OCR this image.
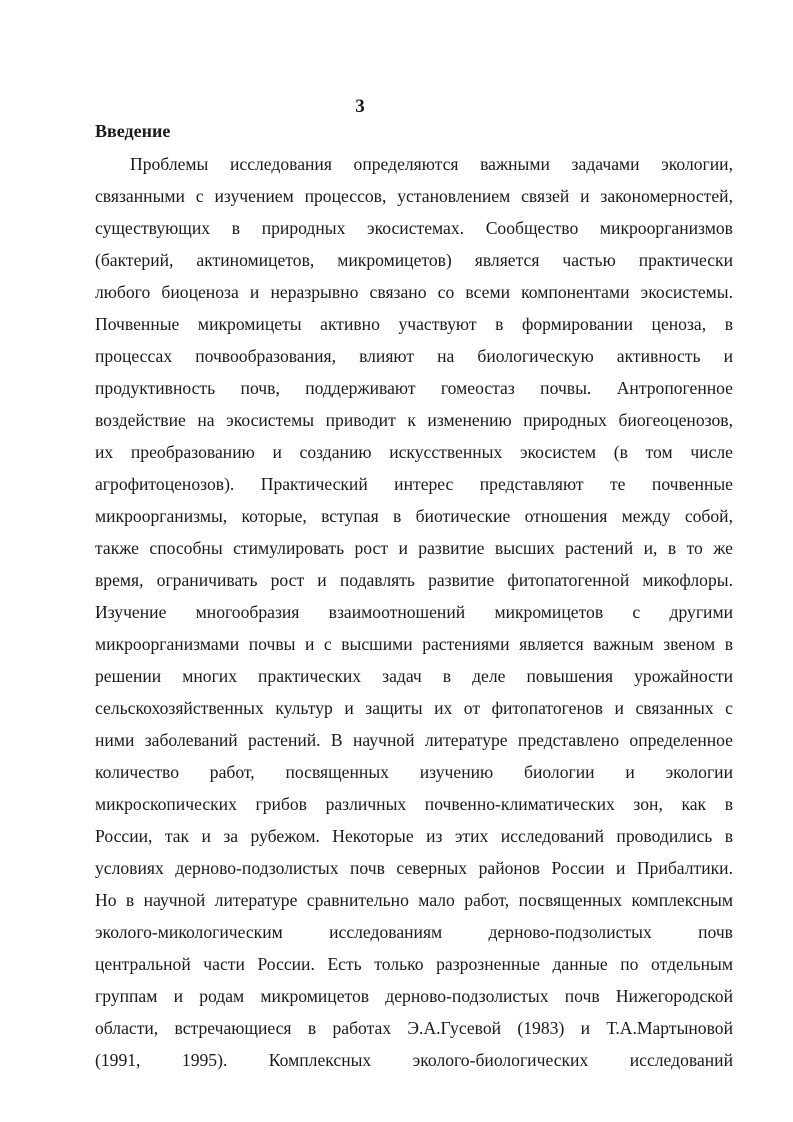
3
Введение
Проблемы исследования определяются важными задачами экологии,
связанными с изучением процессов, установлением связей и закономерностей,
существующих в природных экосистемах. Сообщество микроорганизмов
(бактерий, актиномицетов, микромицетов) является частью практически
любого биоценоза и неразрывно связано со всеми компонентами экосистемы.
Почвенные микромицеты активно участвуют в формировании ценоза, в
процессах почвообразования, влияют на биологическую активность и
продуктивность почв, поддерживают гомеостаз почвы. Антропогенное
воздействие на экосистемы приводит к изменению природных биогеоценозов,
их преобразованию и созданию искусственных экосистем (в том числе
агрофитоценозов). Практический интерес представляют те почвенные
микроорганизмы, которые, вступая в биотические отношения между собой,
также способны стимулировать рост и развитие высших растений и, в то же
время, ограничивать рост и подавлять развитие фитопатогенной микофлоры.
Изучение многообразия взаимоотношений микромицетов с другими
микроорганизмами почвы и с высшими растениями является важным звеном в
решении многих практических задач в деле повышения урожайности
сельскохозяйственных культур и защиты их от фитопатогенов и связанных с
ними заболеваний растений. В научной литературе представлено определенное
количество работ, посвященных изучению биологии и экологии
микроскопических грибов различных почвенно-климатических зон, как в
России, так и за рубежом. Некоторые из этих исследований проводились в
условиях дерново-подзолистых почв северных районов России и Прибалтики.
Но в научной литературе сравнительно мало работ, посвященных комплексным
эколого-микологическим исследованиям дерново-подзолистых почв
центральной части России. Есть только разрозненные данные по отдельным
группам и родам микромицетов дерново-подзолистых почв Нижегородской
области, встречающиеся в работах Э.А.Гусевой (1983) и Т.А.Мартыновой
(1991, 1995). Комплексных эколого-биологических исследований
